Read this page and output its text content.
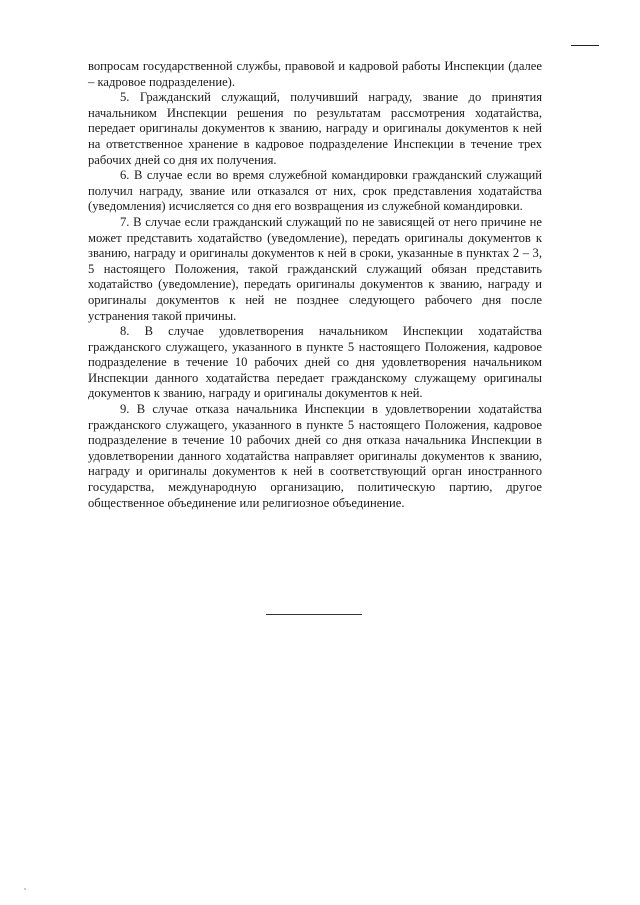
вопросам государственной службы, правовой и кадровой работы Инспекции (далее – кадровое подразделение).

5. Гражданский служащий, получивший награду, звание до принятия начальником Инспекции решения по результатам рассмотрения ходатайства, передает оригиналы документов к званию, награду и оригиналы документов к ней на ответственное хранение в кадровое подразделение Инспекции в течение трех рабочих дней со дня их получения.

6. В случае если во время служебной командировки гражданский служащий получил награду, звание или отказался от них, срок представления ходатайства (уведомления) исчисляется со дня его возвращения из служебной командировки.

7. В случае если гражданский служащий по не зависящей от него причине не может представить ходатайство (уведомление), передать оригиналы документов к званию, награду и оригиналы документов к ней в сроки, указанные в пунктах 2 – 3, 5 настоящего Положения, такой гражданский служащий обязан представить ходатайство (уведомление), передать оригиналы документов к званию, награду и оригиналы документов к ней не позднее следующего рабочего дня после устранения такой причины.

8. В случае удовлетворения начальником Инспекции ходатайства гражданского служащего, указанного в пункте 5 настоящего Положения, кадровое подразделение в течение 10 рабочих дней со дня удовлетворения начальником Инспекции данного ходатайства передает гражданскому служащему оригиналы документов к званию, награду и оригиналы документов к ней.

9. В случае отказа начальника Инспекции в удовлетворении ходатайства гражданского служащего, указанного в пункте 5 настоящего Положения, кадровое подразделение в течение 10 рабочих дней со дня отказа начальника Инспекции в удовлетворении данного ходатайства направляет оригиналы документов к званию, награду и оригиналы документов к ней в соответствующий орган иностранного государства, международную организацию, политическую партию, другое общественное объединение или религиозное объединение.
